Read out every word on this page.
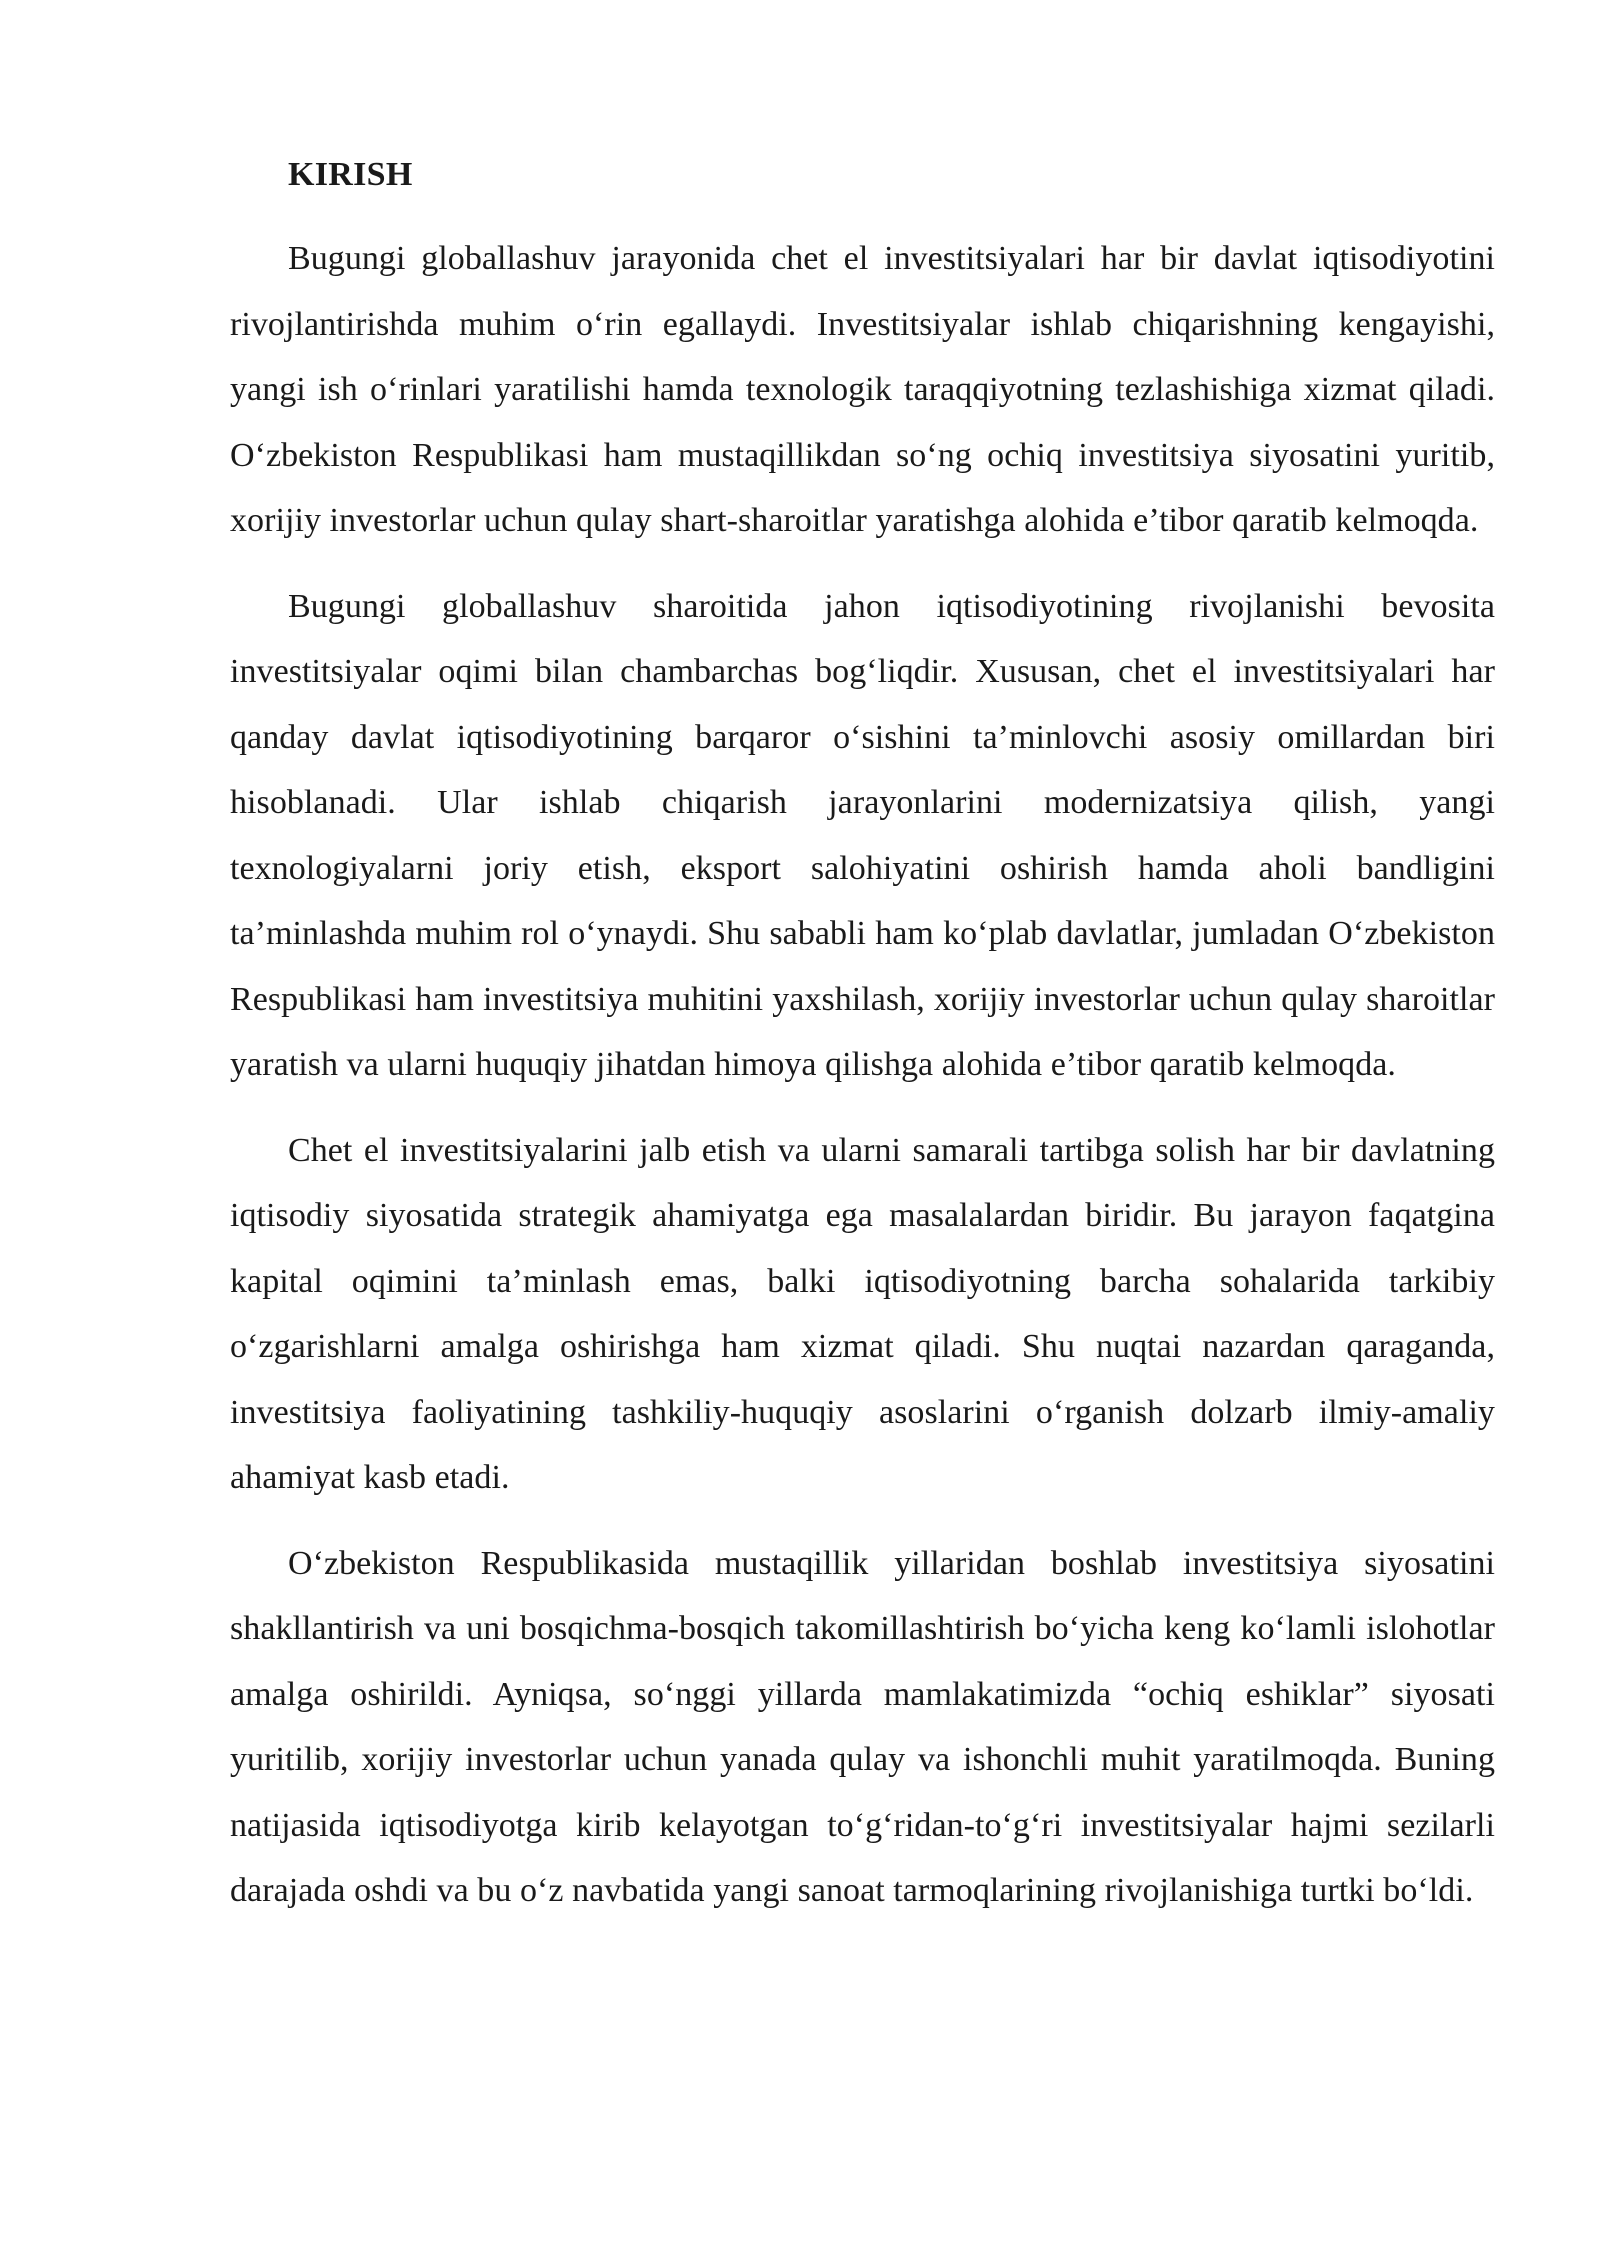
KIRISH

Bugungi globallashuv jarayonida chet el investitsiyalari har bir davlat iqtisodiyotini rivojlantirishda muhim o‘rin egallaydi. Investitsiyalar ishlab chiqarishning kengayishi, yangi ish o‘rinlari yaratilishi hamda texnologik taraqqiyotning tezlashishiga xizmat qiladi. O‘zbekiston Respublikasi ham mustaqillikdan so‘ng ochiq investitsiya siyosatini yuritib, xorijiy investorlar uchun qulay shart-sharoitlar yaratishga alohida e’tibor qaratib kelmoqda.

Bugungi globallashuv sharoitida jahon iqtisodiyotining rivojlanishi bevosita investitsiyalar oqimi bilan chambarchas bog‘liqdir. Xususan, chet el investitsiyalari har qanday davlat iqtisodiyotining barqaror o‘sishini ta’minlovchi asosiy omillardan biri hisoblanadi. Ular ishlab chiqarish jarayonlarini modernizatsiya qilish, yangi texnologiyalarni joriy etish, eksport salohiyatini oshirish hamda aholi bandligini ta’minlashda muhim rol o‘ynaydi. Shu sababli ham ko‘plab davlatlar, jumladan O‘zbekiston Respublikasi ham investitsiya muhitini yaxshilash, xorijiy investorlar uchun qulay sharoitlar yaratish va ularni huquqiy jihatdan himoya qilishga alohida e’tibor qaratib kelmoqda.

Chet el investitsiyalarini jalb etish va ularni samarali tartibga solish har bir davlatning iqtisodiy siyosatida strategik ahamiyatga ega masalalardan biridir. Bu jarayon faqatgina kapital oqimini ta’minlash emas, balki iqtisodiyotning barcha sohalarida tarkibiy o‘zgarishlarni amalga oshirishga ham xizmat qiladi. Shu nuqtai nazardan qaraganda, investitsiya faoliyatining tashkiliy-huquqiy asoslarini o‘rganish dolzarb ilmiy-amaliy ahamiyat kasb etadi.

O‘zbekiston Respublikasida mustaqillik yillaridan boshlab investitsiya siyosatini shakllantirish va uni bosqichma-bosqich takomillashtirish bo‘yicha keng ko‘lamli islohotlar amalga oshirildi. Ayniqsa, so‘nggi yillarda mamlakatimizda “ochiq eshiklar” siyosati yuritilib, xorijiy investorlar uchun yanada qulay va ishonchli muhit yaratilmoqda. Buning natijasida iqtisodiyotga kirib kelayotgan to‘g‘ridan-to‘g‘ri investitsiyalar hajmi sezilarli darajada oshdi va bu o‘z navbatida yangi sanoat tarmoqlarining rivojlanishiga turtki bo‘ldi.
